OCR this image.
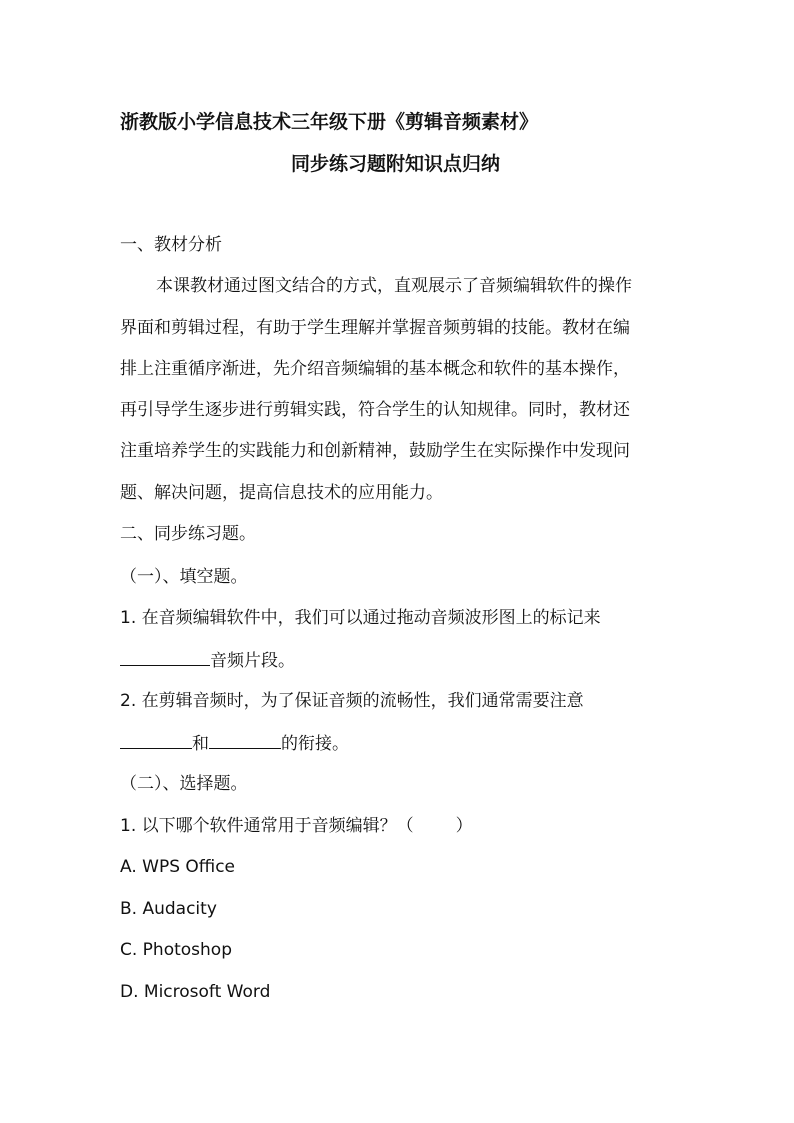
浙教版小学信息技术三年级下册《剪辑音频素材》
同步练习题附知识点归纳
一、教材分析
本课教材通过图文结合的方式，直观展示了音频编辑软件的操作
界面和剪辑过程，有助于学生理解并掌握音频剪辑的技能。教材在编
排上注重循序渐进，先介绍音频编辑的基本概念和软件的基本操作，
再引导学生逐步进行剪辑实践，符合学生的认知规律。同时，教材还
注重培养学生的实践能力和创新精神，鼓励学生在实际操作中发现问
题、解决问题，提高信息技术的应用能力。
二、同步练习题。
（一）、填空题。
1. 在音频编辑软件中，我们可以通过拖动音频波形图上的标记来
音频片段。
2. 在剪辑音频时，为了保证音频的流畅性，我们通常需要注意
和	的衔接。
（二）、选择题。
1. 以下哪个软件通常用于音频编辑？（ ）
A. WPS Office
B. Audacity
C. Photoshop
D. Microsoft Word
